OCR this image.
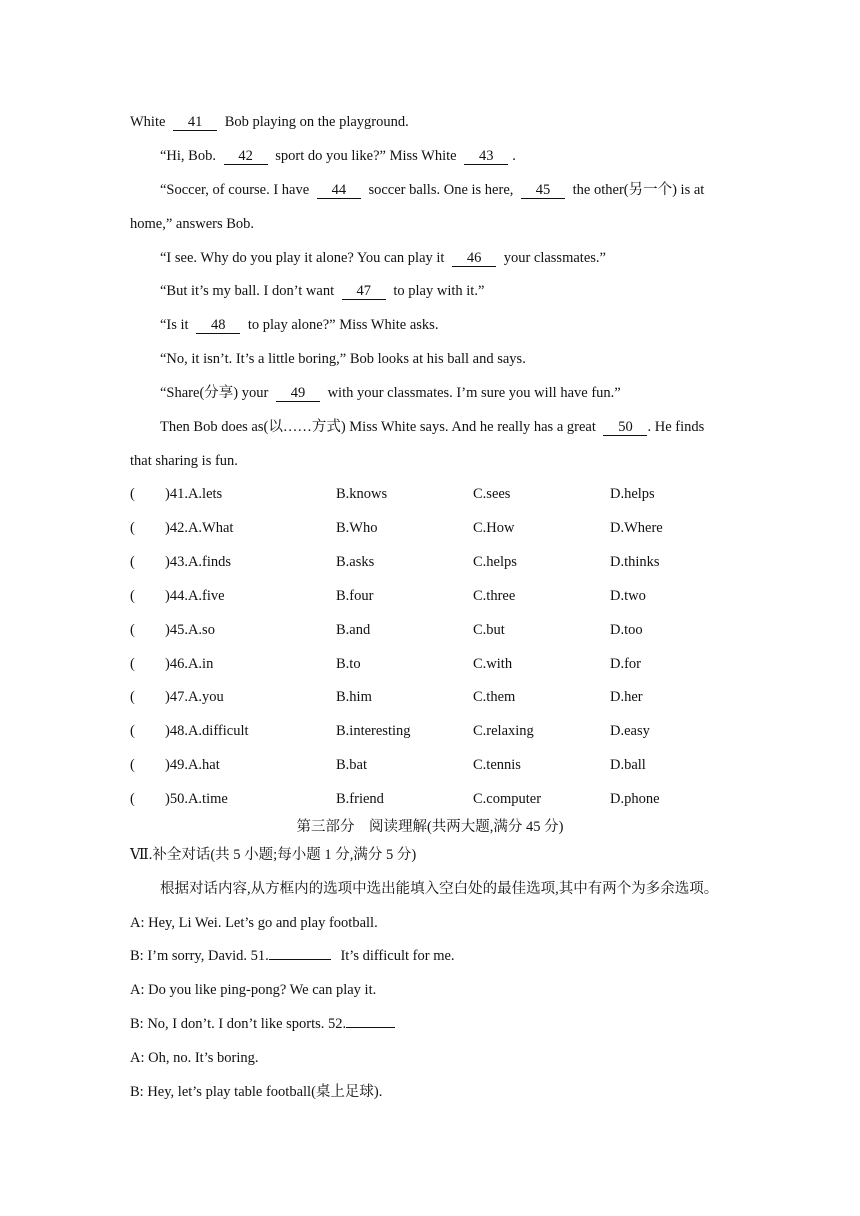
White 41 Bob playing on the playground.
“Hi, Bob. 42 sport do you like?” Miss White 43 .
“Soccer, of course. I have 44 soccer balls. One is here, 45 the other(另一个) is at
home,” answers Bob.
“I see. Why do you play it alone? You can play it 46 your classmates.”
“But it’s my ball. I don’t want 47 to play with it.”
“Is it 48 to play alone?” Miss White asks.
“No, it isn’t. It’s a little boring,” Bob looks at his ball and says.
“Share(分享) your 49 with your classmates. I’m sure you will have fun.”
Then Bob does as(以……方式) Miss White says. And he really has a great 50 . He finds
that sharing is fun.
( )41.A.lets	B.knows	C.sees	D.helps
( )42.A.What	B.Who	C.How	D.Where
( )43.A.finds	B.asks	C.helps	D.thinks
( )44.A.five	B.four	C.three	D.two
( )45.A.so	B.and	C.but	D.too
( )46.A.in	B.to	C.with	D.for
( )47.A.you	B.him	C.them	D.her
( )48.A.difficult	B.interesting	C.relaxing	D.easy
( )49.A.hat	B.bat	C.tennis	D.ball
( )50.A.time	B.friend	C.computer	D.phone
第三部分　阅读理解(共两大题,满分 45 分)
Ⅶ.补全对话(共 5 小题;每小题 1 分,满分 5 分)
根据对话内容,从方框内的选项中选出能填入空白处的最佳选项,其中有两个为多余选项。
A: Hey, Li Wei. Let’s go and play football.
B: I’m sorry, David. 51.	It’s difficult for me.
A: Do you like ping-pong? We can play it.
B: No, I don’t. I don’t like sports. 52.
A: Oh, no. It’s boring.
B: Hey, let’s play table football(桌上足球).
